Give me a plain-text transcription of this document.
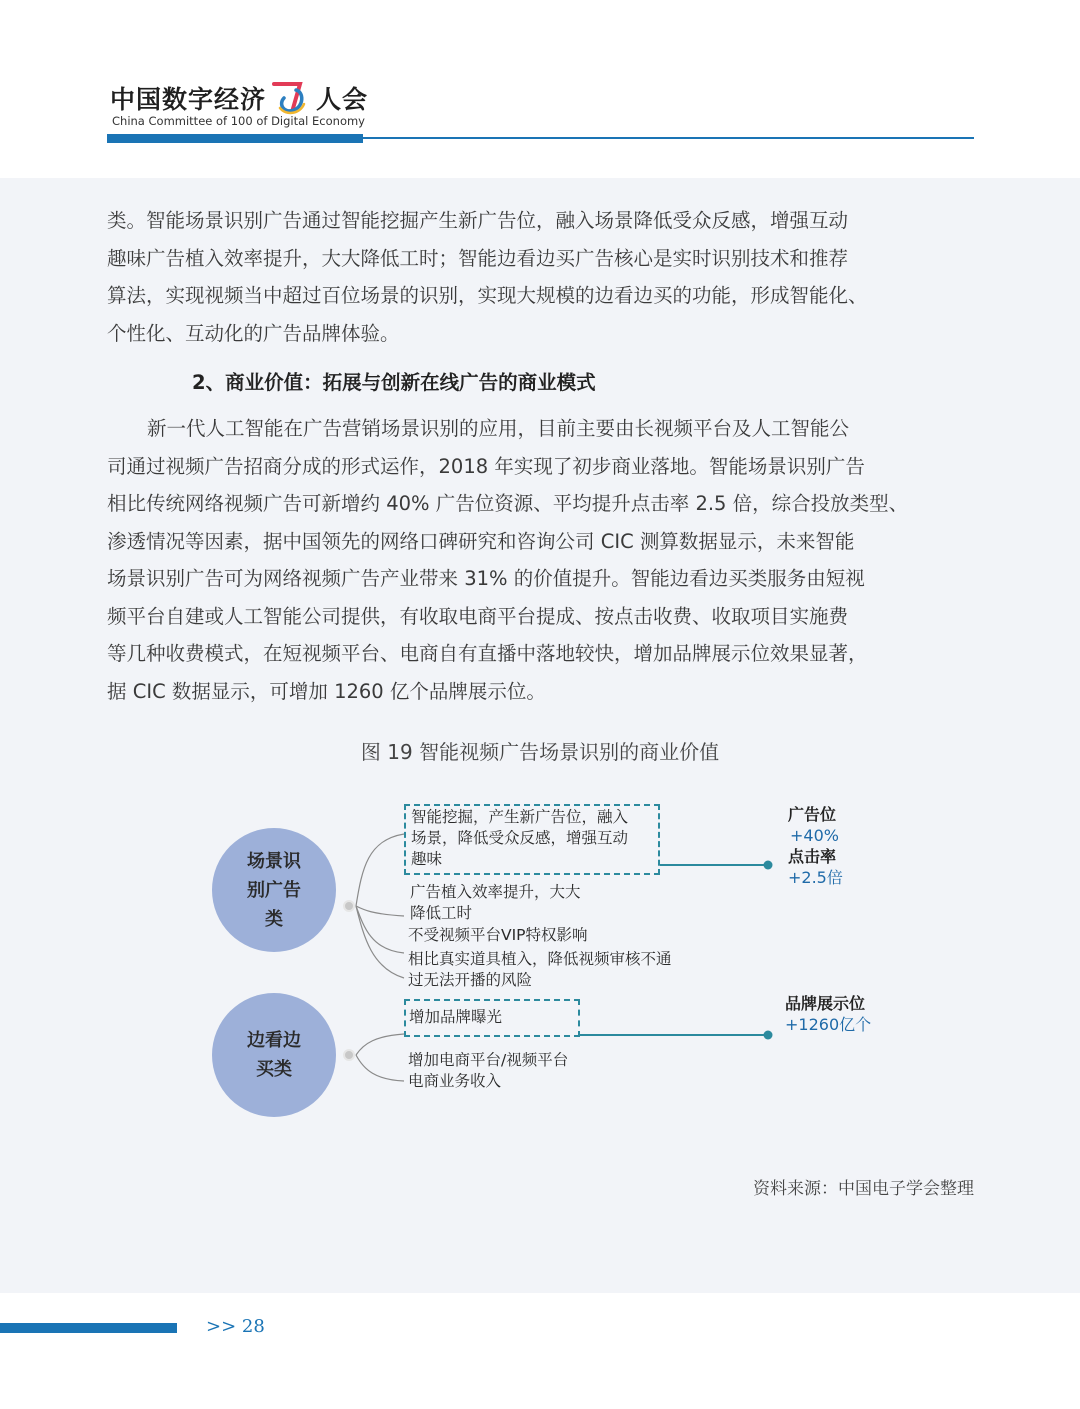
中国数字经济 人会
China Committee of 100 of Digital Economy
类。智能场景识别广告通过智能挖掘产生新广告位，融入场景降低受众反感，增强互动
趣味广告植入效率提升，大大降低工时；智能边看边买广告核心是实时识别技术和推荐
算法，实现视频当中超过百位场景的识别，实现大规模的边看边买的功能，形成智能化、
个性化、互动化的广告品牌体验。
2、商业价值：拓展与创新在线广告的商业模式
新一代人工智能在广告营销场景识别的应用，目前主要由长视频平台及人工智能公
司通过视频广告招商分成的形式运作，2018 年实现了初步商业落地。智能场景识别广告
相比传统网络视频广告可新增约 40% 广告位资源、平均提升点击率 2.5 倍，综合投放类型、
渗透情况等因素，据中国领先的网络口碑研究和咨询公司 CIC 测算数据显示，未来智能
场景识别广告可为网络视频广告产业带来 31% 的价值提升。智能边看边买类服务由短视
频平台自建或人工智能公司提供，有收取电商平台提成、按点击收费、收取项目实施费
等几种收费模式，在短视频平台、电商自有直播中落地较快，增加品牌展示位效果显著，
据 CIC 数据显示，可增加 1260 亿个品牌展示位。
图 19 智能视频广告场景识别的商业价值
场景识
别广告
类
边看边
买类
智能挖掘，产生新广告位，融入
场景，降低受众反感，增强互动
趣味
广告植入效率提升，大大
降低工时
不受视频平台VIP特权影响
相比真实道具植入，降低视频审核不通
过无法开播的风险
增加品牌曝光
增加电商平台/视频平台
电商业务收入
广告位
+40%
点击率
+2.5倍
品牌展示位
+1260亿个
资料来源：中国电子学会整理
>> 28
